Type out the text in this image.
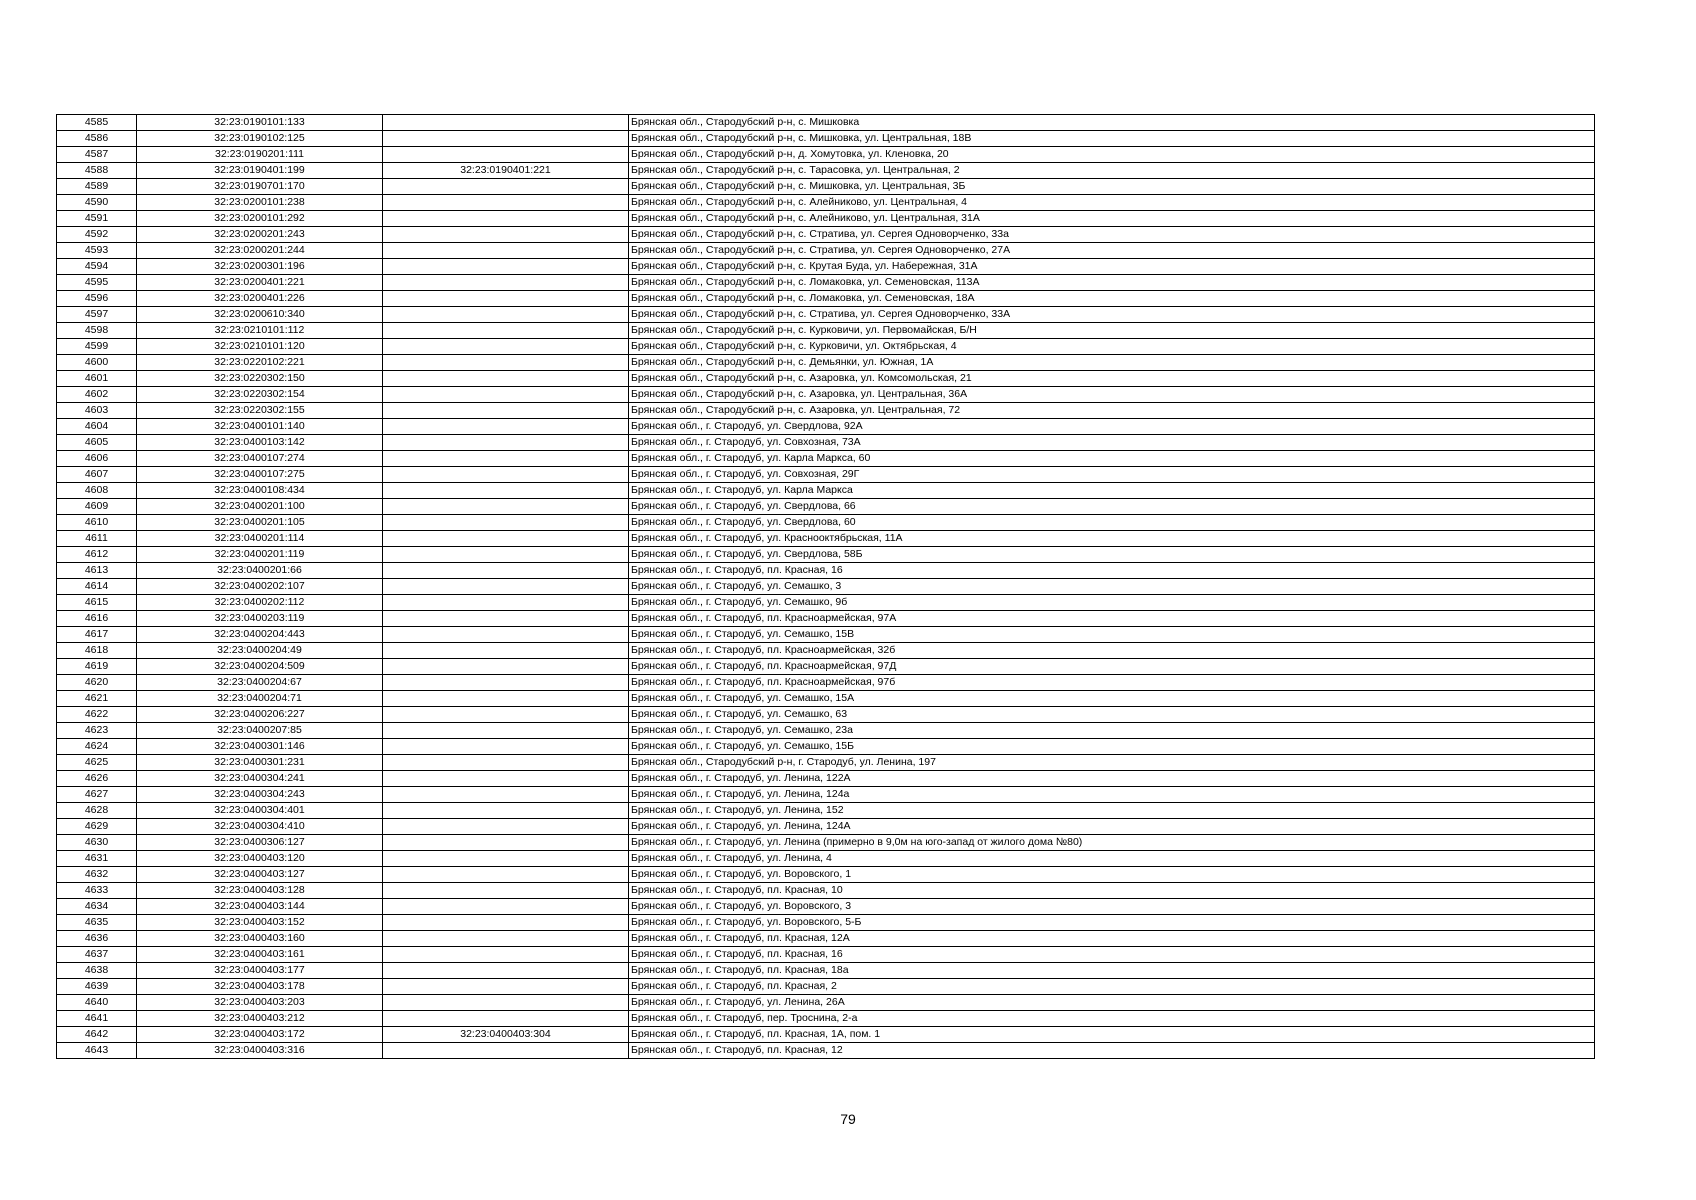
4585	32:23:0190101:133		Брянская обл., Стародубский р-н, с. Мишковка
4586	32:23:0190102:125		Брянская обл., Стародубский р-н, с. Мишковка, ул. Центральная, 18В
4587	32:23:0190201:111		Брянская обл., Стародубский р-н, д. Хомутовка, ул. Кленовка, 20
4588	32:23:0190401:199	32:23:0190401:221	Брянская обл., Стародубский р-н, с. Тарасовка, ул. Центральная, 2
4589	32:23:0190701:170		Брянская обл., Стародубский р-н, с. Мишковка, ул. Центральная, 3Б
4590	32:23:0200101:238		Брянская обл., Стародубский р-н, с. Алейниково, ул. Центральная, 4
4591	32:23:0200101:292		Брянская обл., Стародубский р-н, с. Алейниково, ул. Центральная, 31А
4592	32:23:0200201:243		Брянская обл., Стародубский р-н, с. Стратива, ул. Сергея Одноворченко, 33а
4593	32:23:0200201:244		Брянская обл., Стародубский р-н, с. Стратива, ул. Сергея Одноворченко, 27А
4594	32:23:0200301:196		Брянская обл., Стародубский р-н, с. Крутая Буда, ул. Набережная, 31А
4595	32:23:0200401:221		Брянская обл., Стародубский р-н, с. Ломаковка, ул. Семеновская, 113А
4596	32:23:0200401:226		Брянская обл., Стародубский р-н, с. Ломаковка, ул. Семеновская, 18А
4597	32:23:0200610:340		Брянская обл., Стародубский р-н, с. Стратива, ул. Сергея Одноворченко, 33А
4598	32:23:0210101:112		Брянская обл., Стародубский р-н, с. Курковичи, ул. Первомайская, Б/Н
4599	32:23:0210101:120		Брянская обл., Стародубский р-н, с. Курковичи, ул. Октябрьская, 4
4600	32:23:0220102:221		Брянская обл., Стародубский р-н, с. Демьянки, ул. Южная, 1А
4601	32:23:0220302:150		Брянская обл., Стародубский р-н, с. Азаровка, ул. Комсомольская, 21
4602	32:23:0220302:154		Брянская обл., Стародубский р-н, с. Азаровка, ул. Центральная, 36А
4603	32:23:0220302:155		Брянская обл., Стародубский р-н, с. Азаровка, ул. Центральная, 72
4604	32:23:0400101:140		Брянская обл., г. Стародуб, ул. Свердлова, 92А
4605	32:23:0400103:142		Брянская обл., г. Стародуб, ул. Совхозная, 73А
4606	32:23:0400107:274		Брянская обл., г. Стародуб, ул. Карла Маркса, 60
4607	32:23:0400107:275		Брянская обл., г. Стародуб, ул. Совхозная, 29Г
4608	32:23:0400108:434		Брянская обл., г. Стародуб, ул. Карла Маркса
4609	32:23:0400201:100		Брянская обл., г. Стародуб, ул. Свердлова, 66
4610	32:23:0400201:105		Брянская обл., г. Стародуб, ул. Свердлова, 60
4611	32:23:0400201:114		Брянская обл., г. Стародуб, ул. Краснооктябрьская, 11А
4612	32:23:0400201:119		Брянская обл., г. Стародуб, ул. Свердлова, 58Б
4613	32:23:0400201:66		Брянская обл., г. Стародуб, пл. Красная, 16
4614	32:23:0400202:107		Брянская обл., г. Стародуб, ул. Семашко, 3
4615	32:23:0400202:112		Брянская обл., г. Стародуб, ул. Семашко, 9б
4616	32:23:0400203:119		Брянская обл., г. Стародуб, пл. Красноармейская, 97А
4617	32:23:0400204:443		Брянская обл., г. Стародуб, ул. Семашко, 15В
4618	32:23:0400204:49		Брянская обл., г. Стародуб, пл. Красноармейская, 32б
4619	32:23:0400204:509		Брянская обл., г. Стародуб, пл. Красноармейская, 97Д
4620	32:23:0400204:67		Брянская обл., г. Стародуб, пл. Красноармейская, 97б
4621	32:23:0400204:71		Брянская обл., г. Стародуб, ул. Семашко, 15А
4622	32:23:0400206:227		Брянская обл., г. Стародуб, ул. Семашко, 63
4623	32:23:0400207:85		Брянская обл., г. Стародуб, ул. Семашко, 23а
4624	32:23:0400301:146		Брянская обл., г. Стародуб, ул. Семашко, 15Б
4625	32:23:0400301:231		Брянская обл., Стародубский р-н, г. Стародуб, ул. Ленина, 197
4626	32:23:0400304:241		Брянская обл., г. Стародуб, ул. Ленина, 122А
4627	32:23:0400304:243		Брянская обл., г. Стародуб, ул. Ленина, 124а
4628	32:23:0400304:401		Брянская обл., г. Стародуб, ул. Ленина, 152
4629	32:23:0400304:410		Брянская обл., г. Стародуб, ул. Ленина, 124А
4630	32:23:0400306:127		Брянская обл., г. Стародуб, ул. Ленина (примерно в 9,0м на юго-запад от жилого дома №80)
4631	32:23:0400403:120		Брянская обл., г. Стародуб, ул. Ленина, 4
4632	32:23:0400403:127		Брянская обл., г. Стародуб, ул. Воровского, 1
4633	32:23:0400403:128		Брянская обл., г. Стародуб, пл. Красная, 10
4634	32:23:0400403:144		Брянская обл., г. Стародуб, ул. Воровского, 3
4635	32:23:0400403:152		Брянская обл., г. Стародуб, ул. Воровского, 5-Б
4636	32:23:0400403:160		Брянская обл., г. Стародуб, пл. Красная, 12А
4637	32:23:0400403:161		Брянская обл., г. Стародуб, пл. Красная, 16
4638	32:23:0400403:177		Брянская обл., г. Стародуб, пл. Красная, 18а
4639	32:23:0400403:178		Брянская обл., г. Стародуб, пл. Красная, 2
4640	32:23:0400403:203		Брянская обл., г. Стародуб, ул. Ленина, 26А
4641	32:23:0400403:212		Брянская обл., г. Стародуб, пер. Троснина, 2-а
4642	32:23:0400403:172	32:23:0400403:304	Брянская обл., г. Стародуб, пл. Красная, 1А, пом. 1
4643	32:23:0400403:316		Брянская обл., г. Стародуб, пл. Красная, 12
79
